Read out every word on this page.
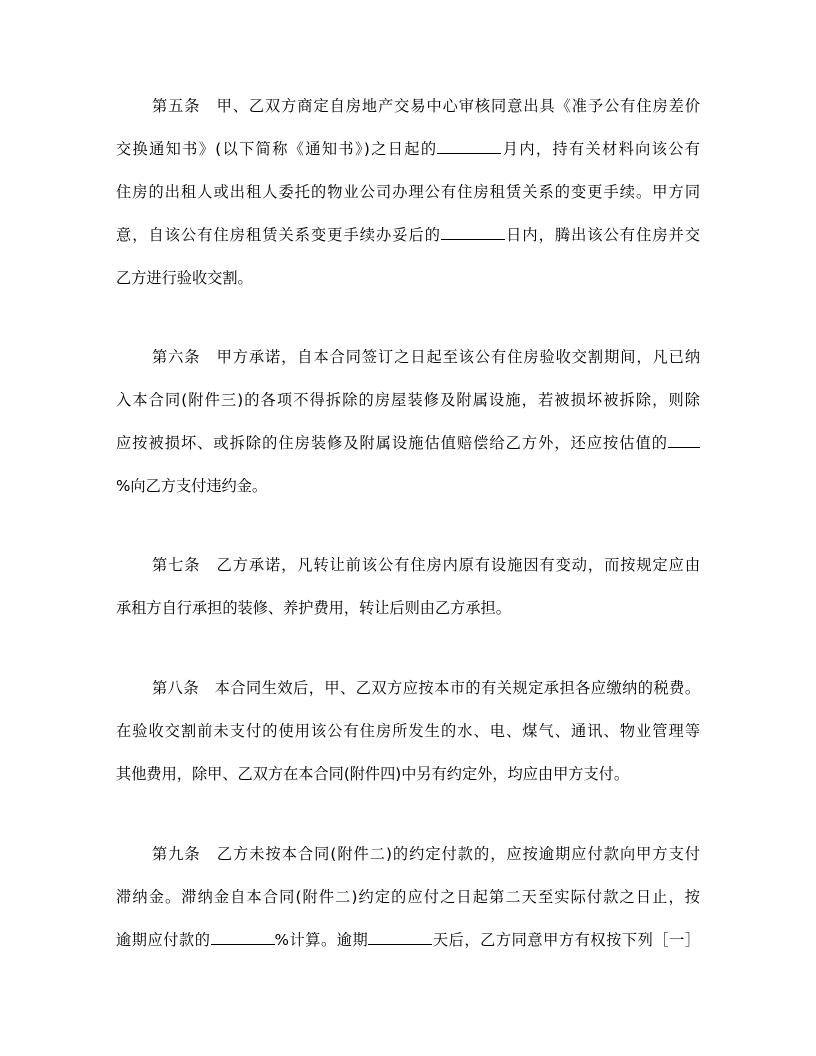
第五条　甲、乙双方商定自房地产交易中心审核同意出具《准予公有住房差价
交换通知书》(以下简称《通知书》)之日起的	月内，持有关材料向该公有
住房的出租人或出租人委托的物业公司办理公有住房租赁关系的变更手续。甲方同
意，自该公有住房租赁关系变更手续办妥后的	日内，腾出该公有住房并交
乙方进行验收交割。
第六条　甲方承诺，自本合同签订之日起至该公有住房验收交割期间，凡已纳
入本合同(附件三)的各项不得拆除的房屋装修及附属设施，若被损坏被拆除，则除
应按被损坏、或拆除的住房装修及附属设施估值赔偿给乙方外，还应按估值的
%向乙方支付违约金。
第七条　乙方承诺，凡转让前该公有住房内原有设施因有变动，而按规定应由
承租方自行承担的装修、养护费用，转让后则由乙方承担。
第八条　本合同生效后，甲、乙双方应按本市的有关规定承担各应缴纳的税费。
在验收交割前未支付的使用该公有住房所发生的水、电、煤气、通讯、物业管理等
其他费用，除甲、乙双方在本合同(附件四)中另有约定外，均应由甲方支付。
第九条　乙方未按本合同(附件二)的约定付款的，应按逾期应付款向甲方支付
滞纳金。滞纳金自本合同(附件二)约定的应付之日起第二天至实际付款之日止，按
逾期应付款的	%计算。逾期	天后，乙方同意甲方有权按下列［一］
